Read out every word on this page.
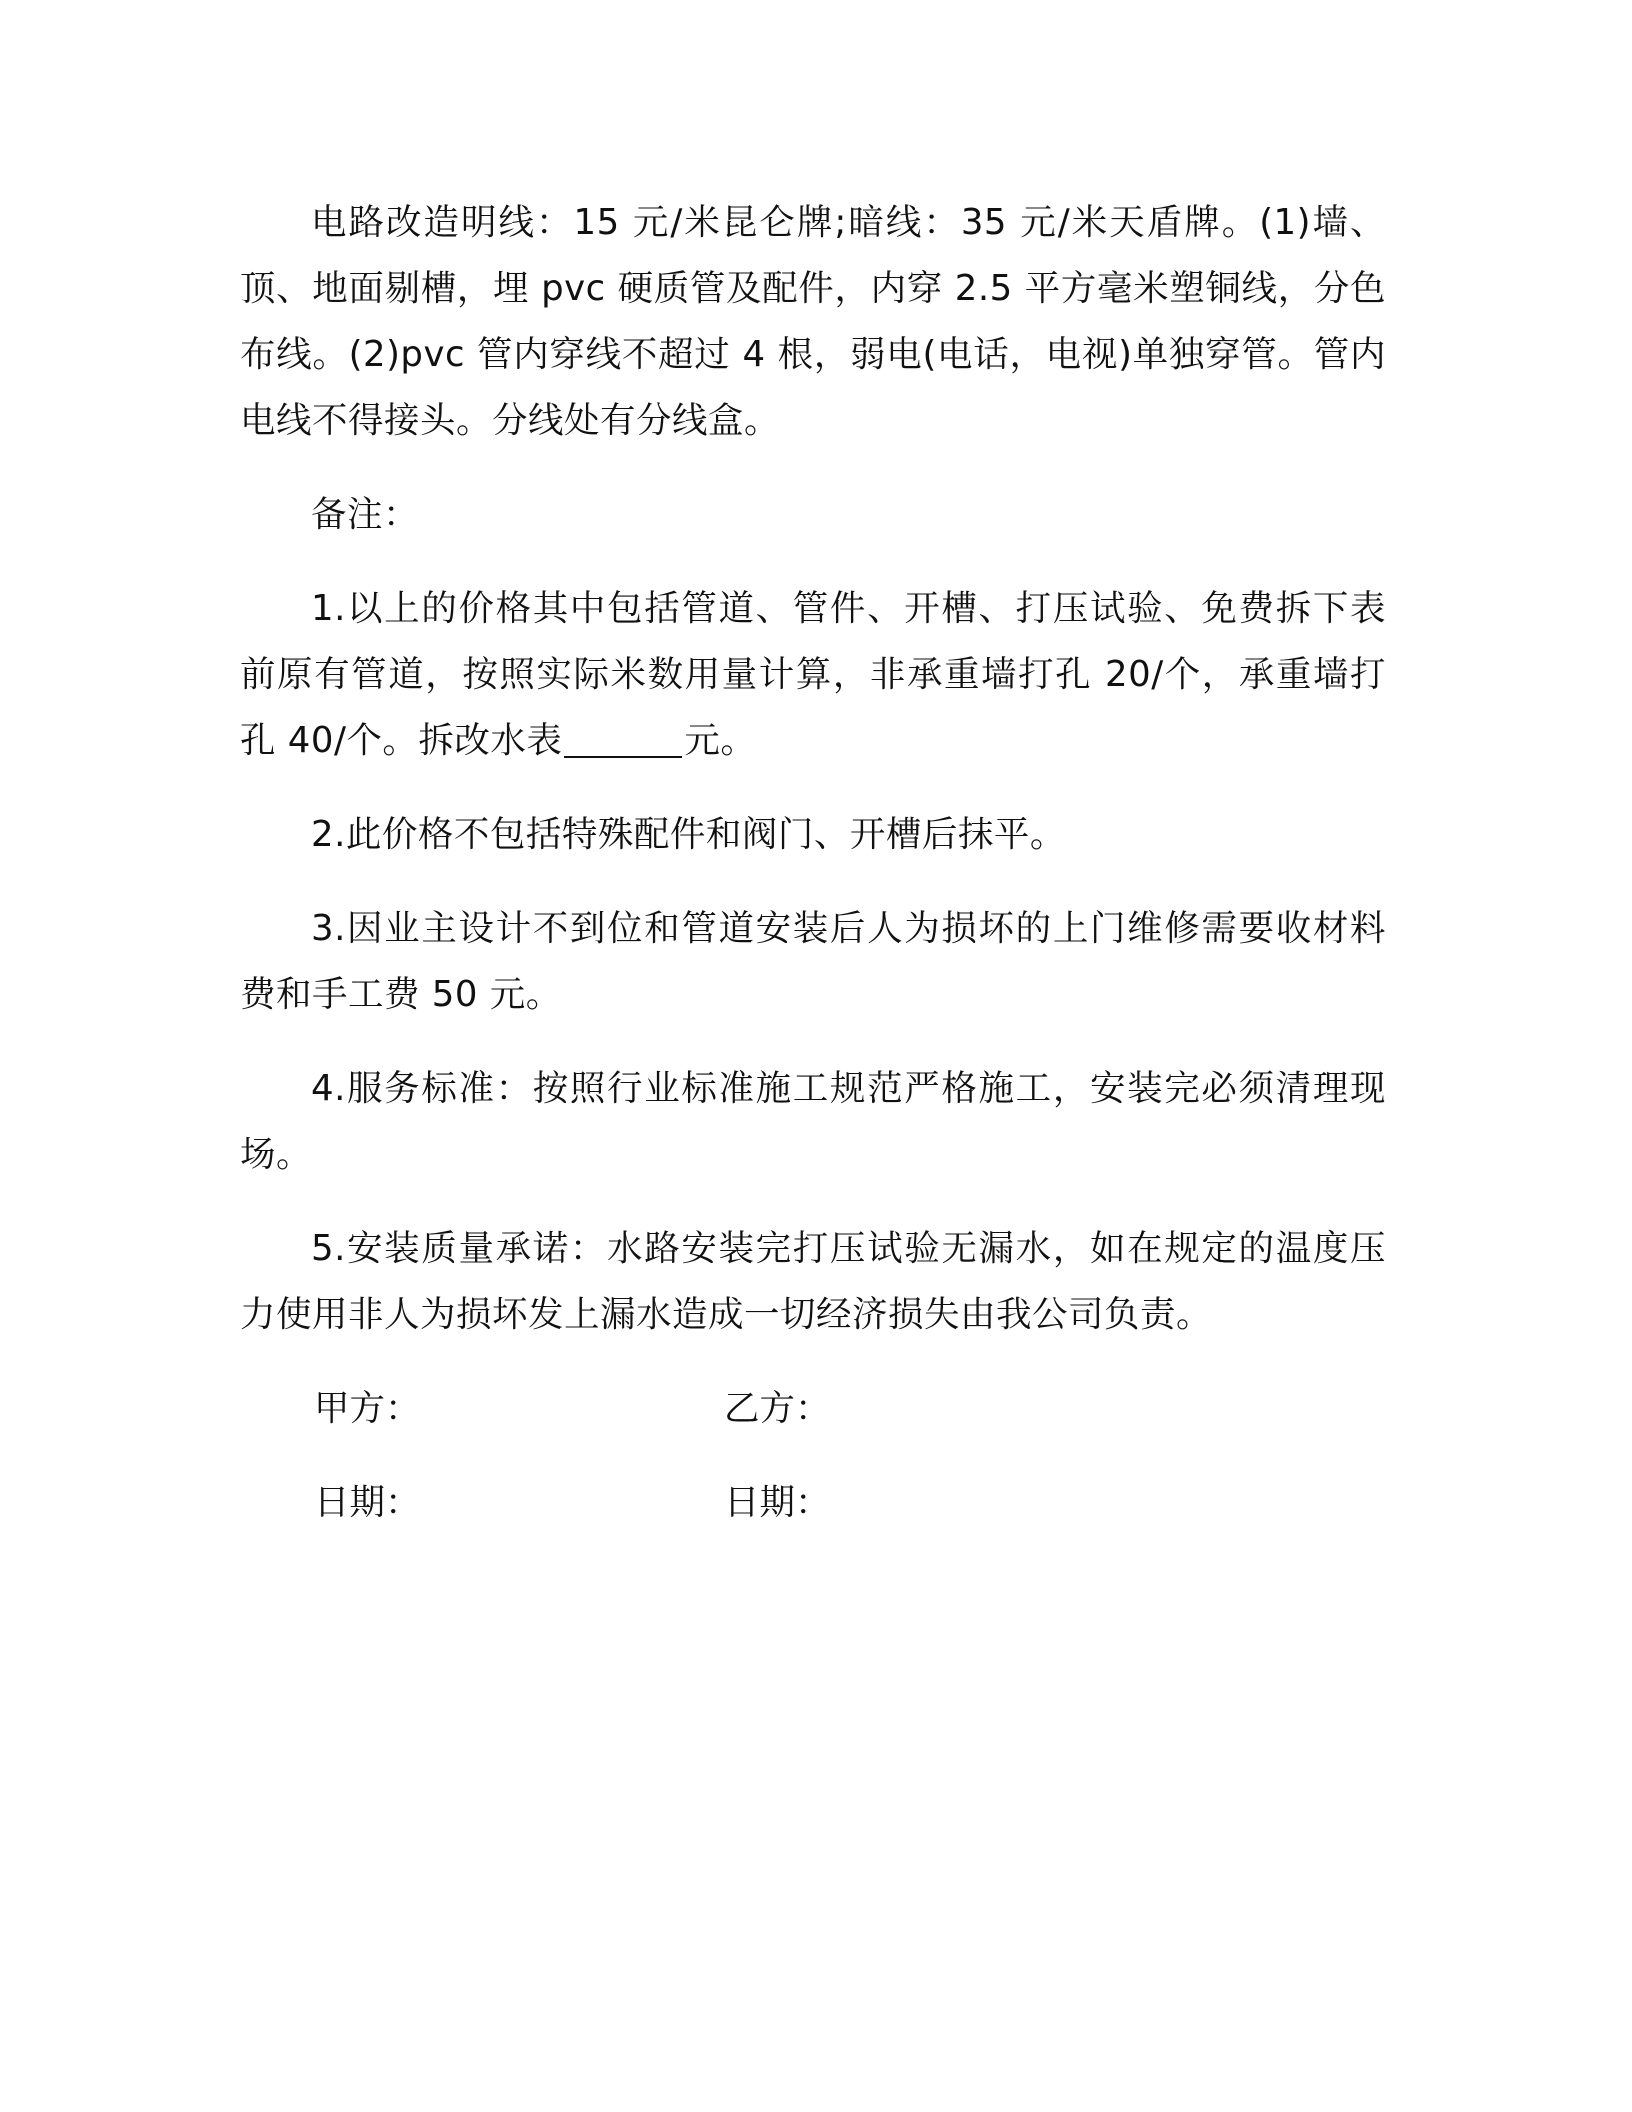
电路改造明线：15 元/米昆仑牌;暗线：35 元/米天盾牌。(1)墙、顶、地面剔槽，埋 pvc 硬质管及配件，内穿 2.5 平方毫米塑铜线，分色布线。(2)pvc 管内穿线不超过 4 根，弱电(电话，电视)单独穿管。管内电线不得接头。分线处有分线盒。

备注：

1.以上的价格其中包括管道、管件、开槽、打压试验、免费拆下表前原有管道，按照实际米数用量计算，非承重墙打孔 20/个，承重墙打孔 40/个。拆改水表	元。

2.此价格不包括特殊配件和阀门、开槽后抹平。

3.因业主设计不到位和管道安装后人为损坏的上门维修需要收材料费和手工费 50 元。

4.服务标准：按照行业标准施工规范严格施工，安装完必须清理现场。

5.安装质量承诺：水路安装完打压试验无漏水，如在规定的温度压力使用非人为损坏发上漏水造成一切经济损失由我公司负责。

甲方：	乙方：
日期：	日期：
